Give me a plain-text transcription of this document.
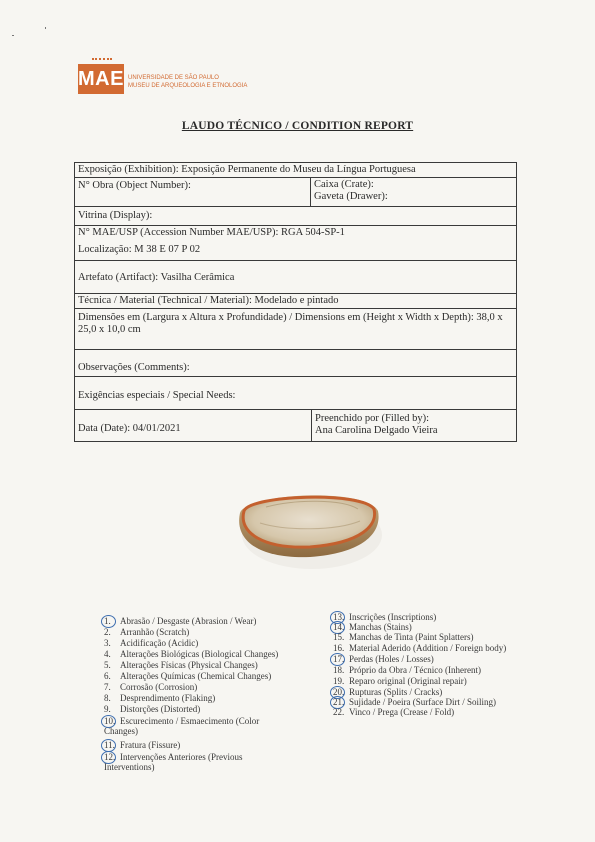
MAE UNIVERSIDADE DE SÃO PAULO
MUSEU DE ARQUEOLOGIA E ETNOLOGIA
LAUDO TÉCNICO / CONDITION REPORT
Exposição (Exhibition): Exposição Permanente do Museu da Língua Portuguesa
N° Obra (Object Number):	Caixa (Crate):
Gaveta (Drawer):
Vitrina (Display):
N° MAE/USP (Accession Number MAE/USP): RGA 504-SP-1
Localização: M 38 E 07 P 02
Artefato (Artifact): Vasilha Cerâmica
Técnica / Material (Technical / Material): Modelado e pintado
Dimensões em (Largura x Altura x Profundidade) / Dimensions em (Height x Width x Depth): 38,0 x 25,0 x 10,0 cm
Observações (Comments):
Exigências especiais / Special Needs:
Data (Date): 04/01/2021
Preenchido por (Filled by):
Ana Carolina Delgado Vieira
1. Abrasão / Desgaste (Abrasion / Wear)
2. Arranhão (Scratch)
3. Acidificação (Acidic)
4. Alterações Biológicas (Biological Changes)
5. Alterações Físicas (Physical Changes)
6. Alterações Químicas (Chemical Changes)
7. Corrosão (Corrosion)
8. Desprendimento (Flaking)
9. Distorções (Distorted)
10. Escurecimento / Esmaecimento (Color Changes)
11. Fratura (Fissure)
12. Intervenções Anteriores (Previous Interventions)
13. Inscrições (Inscriptions)
14. Manchas (Stains)
15. Manchas de Tinta (Paint Splatters)
16. Material Aderido (Addition / Foreign body)
17. Perdas (Holes / Losses)
18. Próprio da Obra / Técnico (Inherent)
19. Reparo original (Original repair)
20. Rupturas (Splits / Cracks)
21. Sujidade / Poeira (Surface Dirt / Soiling)
22. Vinco / Prega (Crease / Fold)
